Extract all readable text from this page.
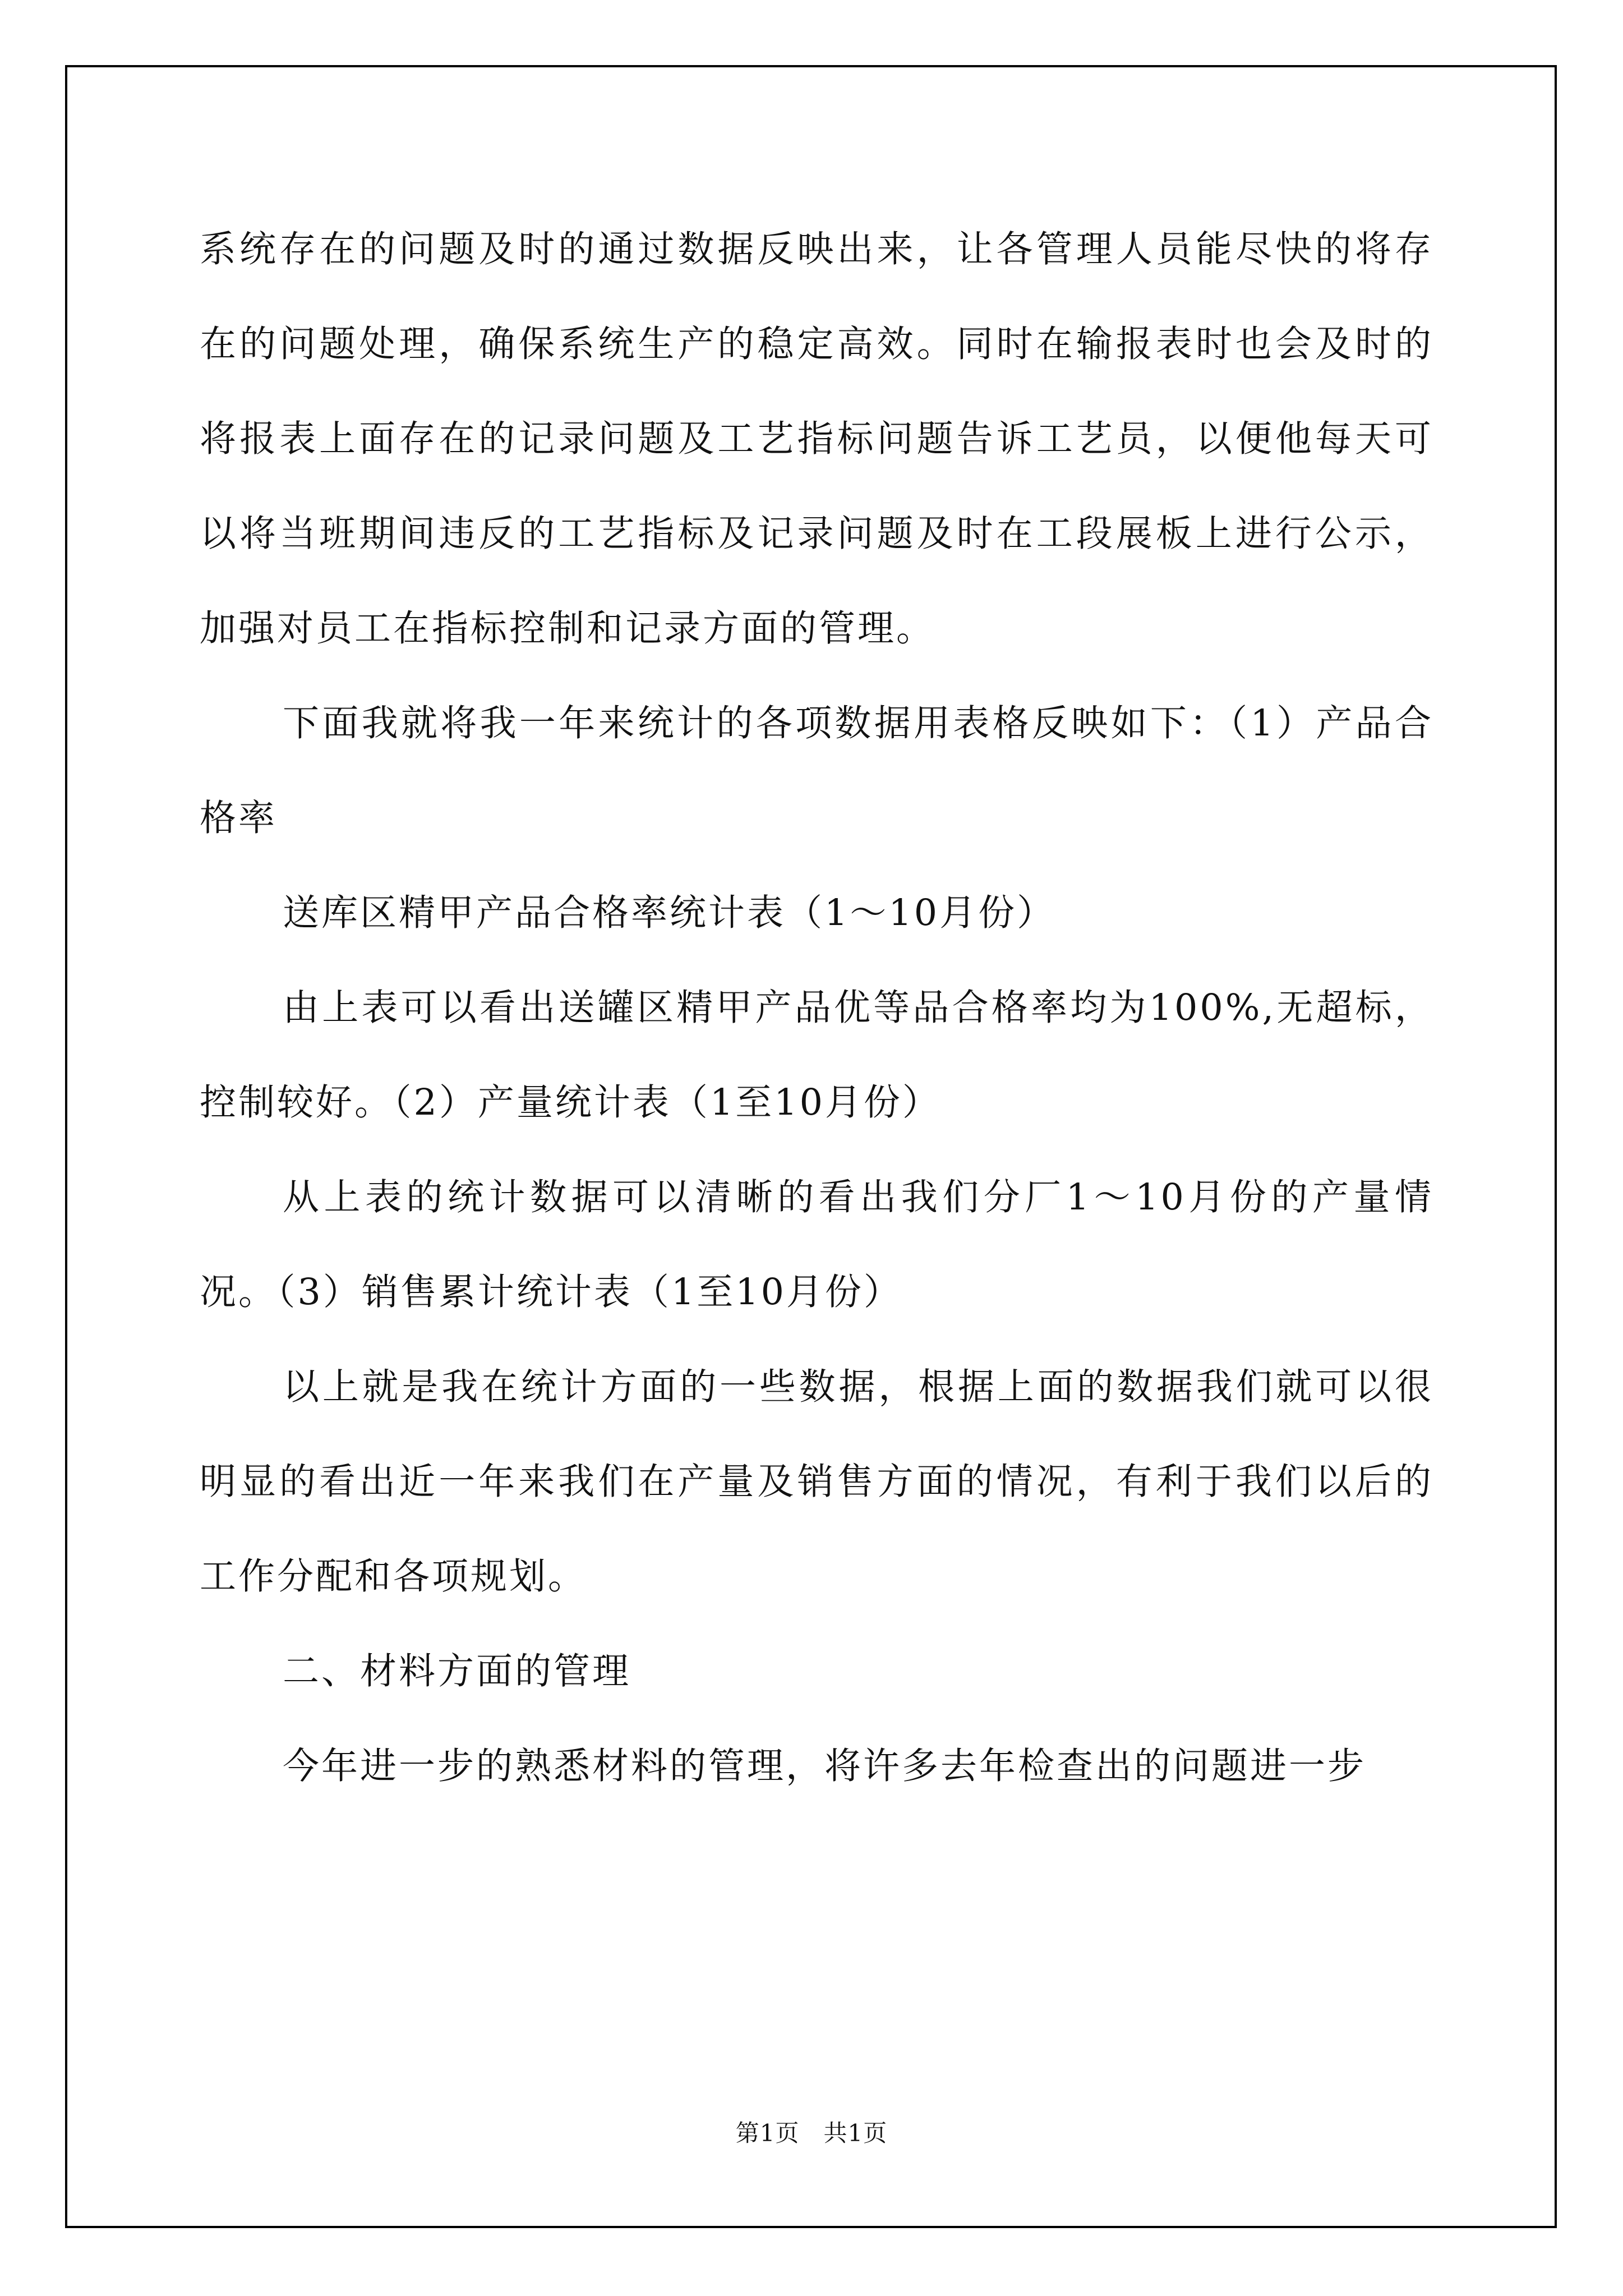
系统存在的问题及时的通过数据反映出来，让各管理人员能尽快的将存在的问题处理，确保系统生产的稳定高效。同时在输报表时也会及时的将报表上面存在的记录问题及工艺指标问题告诉工艺员，以便他每天可以将当班期间违反的工艺指标及记录问题及时在工段展板上进行公示，加强对员工在指标控制和记录方面的管理。

下面我就将我一年来统计的各项数据用表格反映如下：（1）产品合格率

送库区精甲产品合格率统计表（1～10月份）

由上表可以看出送罐区精甲产品优等品合格率均为100%,无超标，控制较好。（2）产量统计表（1至10月份）

从上表的统计数据可以清晰的看出我们分厂1～10月份的产量情况。（3）销售累计统计表（1至10月份）

以上就是我在统计方面的一些数据，根据上面的数据我们就可以很明显的看出近一年来我们在产量及销售方面的情况，有利于我们以后的工作分配和各项规划。

二、材料方面的管理

今年进一步的熟悉材料的管理，将许多去年检查出的问题进一步

第1页　共1页
